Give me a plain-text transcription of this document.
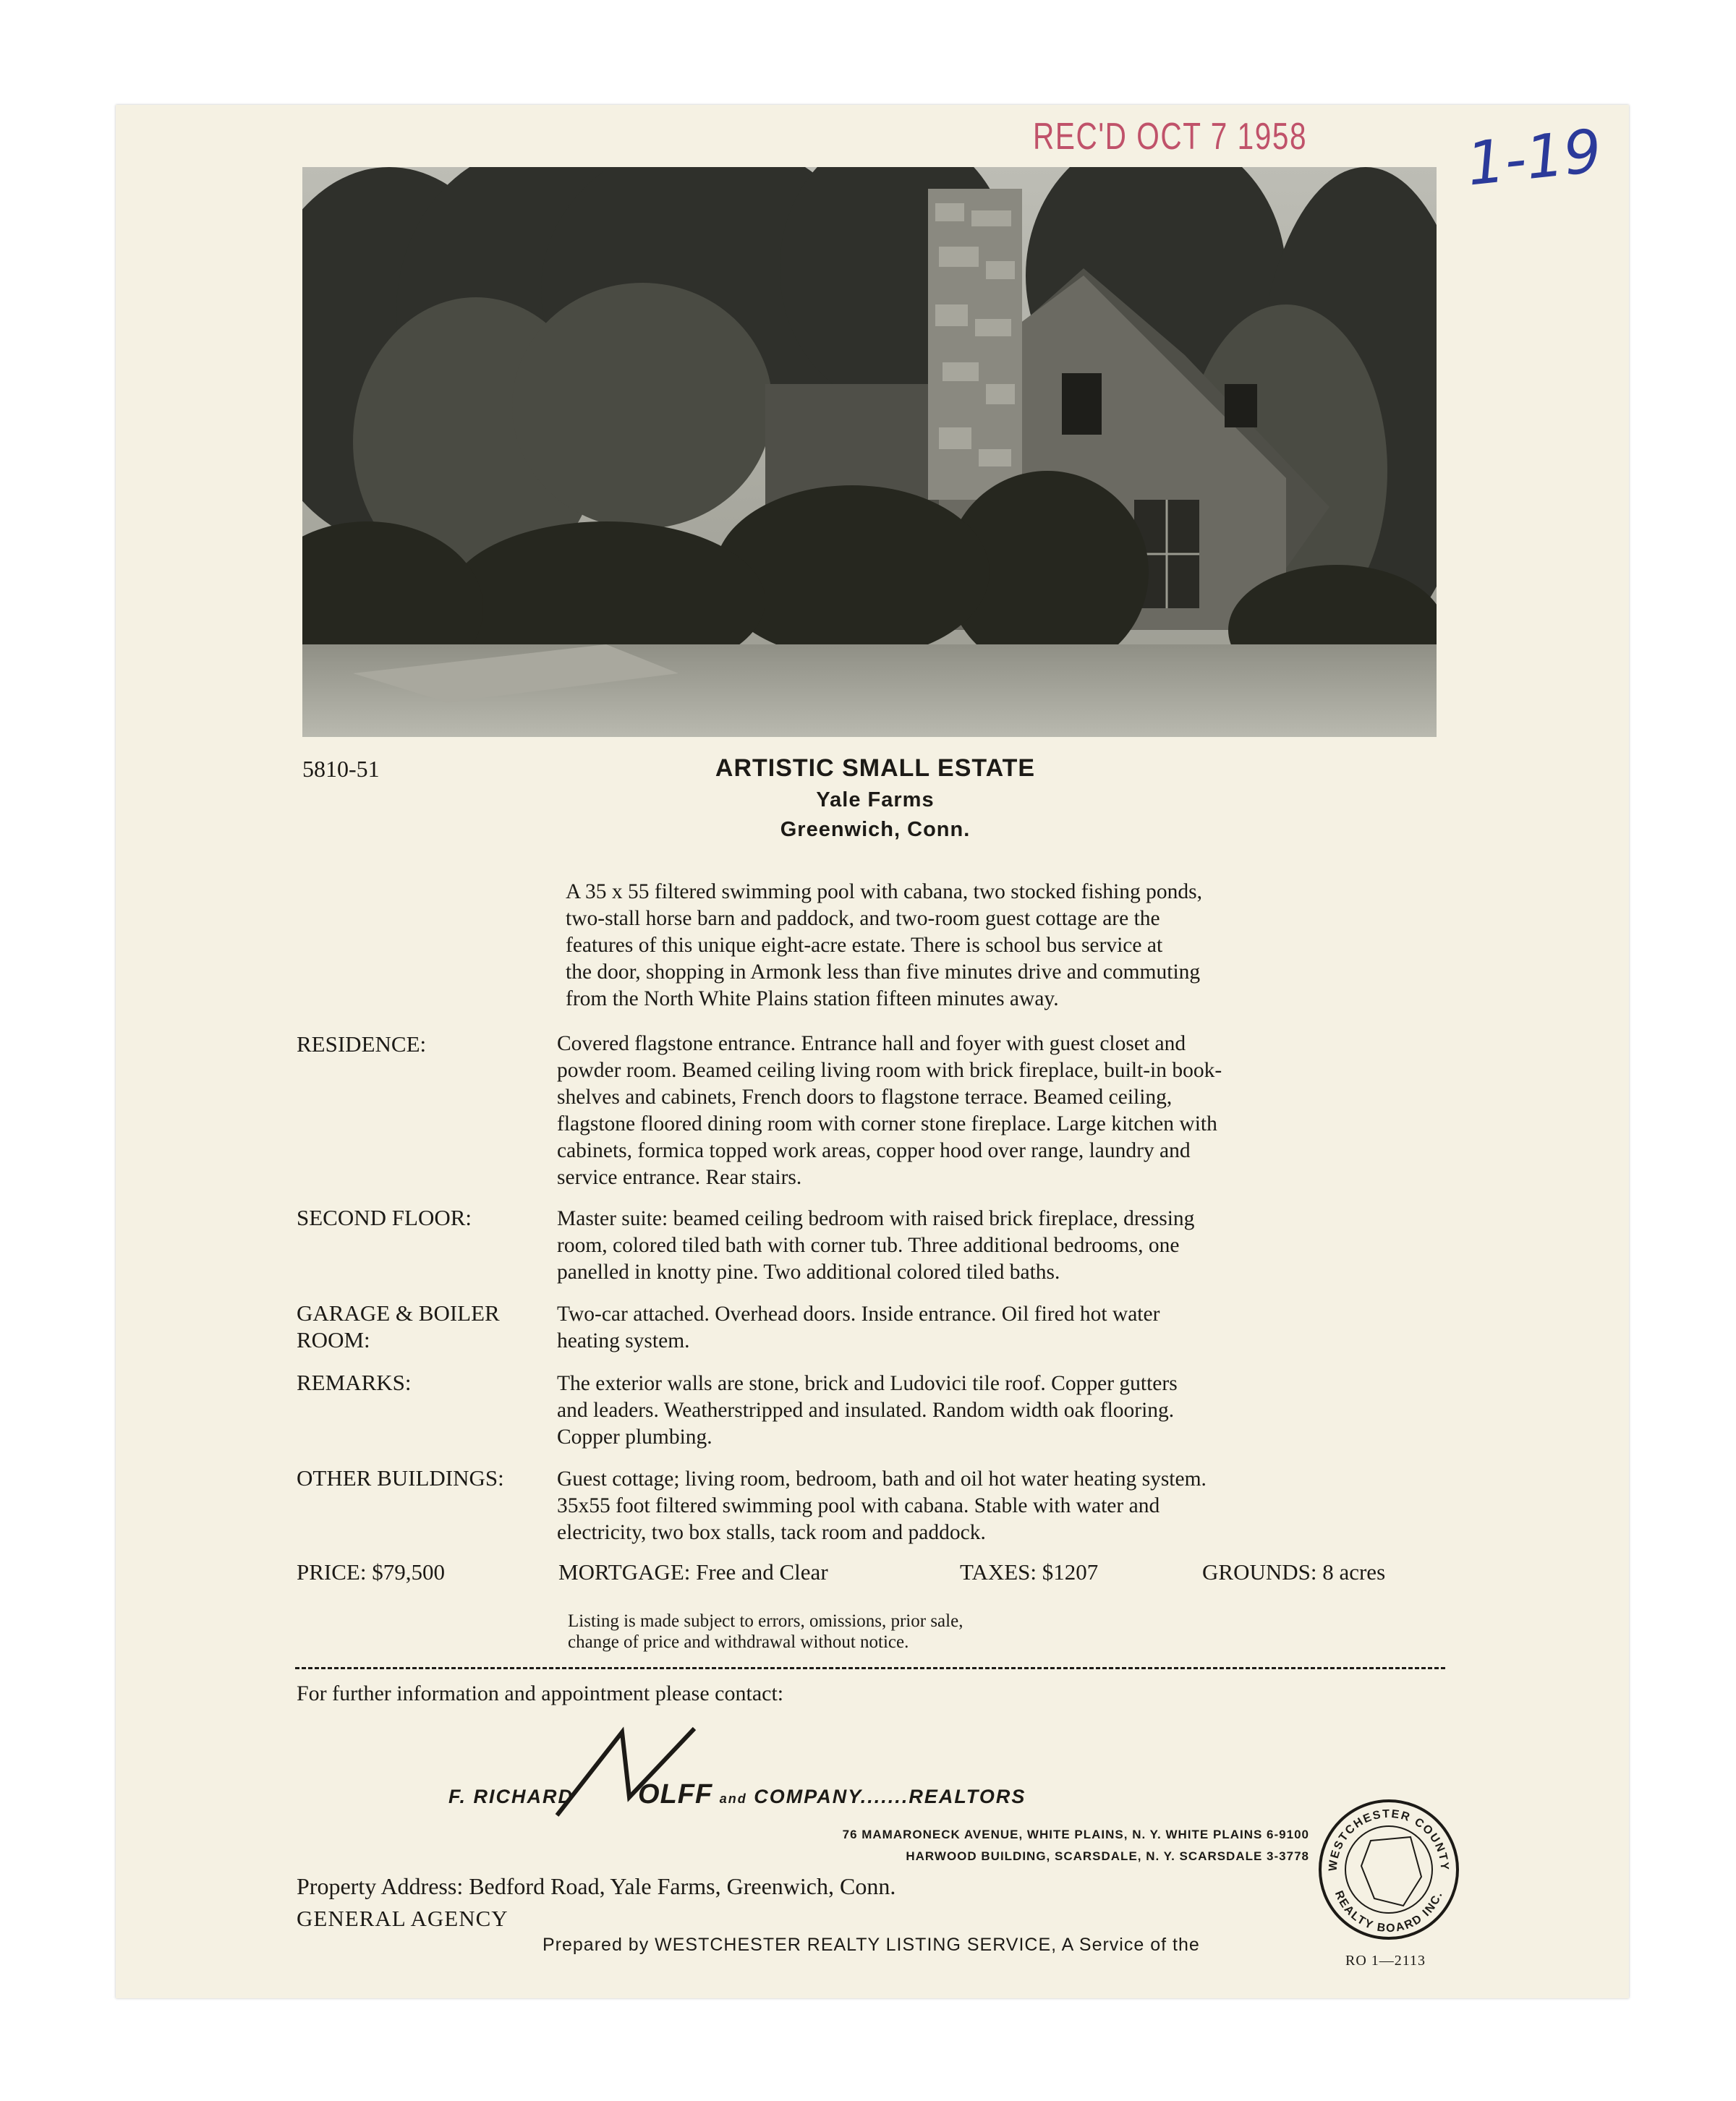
REC'D OCT 7 1958	1-19
5810-51	ARTISTIC SMALL ESTATE
Yale Farms
Greenwich, Conn.
A 35 x 55 filtered swimming pool with cabana, two stocked fishing ponds,
two-stall horse barn and paddock, and two-room guest cottage are the
features of this unique eight-acre estate. There is school bus service at
the door, shopping in Armonk less than five minutes drive and commuting
from the North White Plains station fifteen minutes away.
RESIDENCE:	Covered flagstone entrance. Entrance hall and foyer with guest closet and
powder room. Beamed ceiling living room with brick fireplace, built-in book-
shelves and cabinets, French doors to flagstone terrace. Beamed ceiling,
flagstone floored dining room with corner stone fireplace. Large kitchen with
cabinets, formica topped work areas, copper hood over range, laundry and
service entrance. Rear stairs.
SECOND FLOOR:	Master suite: beamed ceiling bedroom with raised brick fireplace, dressing
room, colored tiled bath with corner tub. Three additional bedrooms, one
panelled in knotty pine. Two additional colored tiled baths.
GARAGE & BOILER
ROOM:
Two-car attached. Overhead doors. Inside entrance. Oil fired hot water
heating system.
REMARKS:	The exterior walls are stone, brick and Ludovici tile roof. Copper gutters
and leaders. Weatherstripped and insulated. Random width oak flooring.
Copper plumbing.
OTHER BUILDINGS: Guest cottage; living room, bedroom, bath and oil hot water heating system.
35x55 foot filtered swimming pool with cabana. Stable with water and
electricity, two box stalls, tack room and paddock.
PRICE: $79,500	MORTGAGE: Free and Clear	TAXES: $1207	GROUNDS: 8 acres
Listing is made subject to errors, omissions, prior sale,
change of price and withdrawal without notice.
For further information and appointment please contact:
F. RICHARD OLFF and COMPANY.......REALTORS
76 MAMARONECK AVENUE, WHITE PLAINS, N. Y. WHITE PLAINS 6-9100
HARWOOD BUILDING, SCARSDALE, N. Y. SCARSDALE 3-3778
Property Address: Bedford Road, Yale Farms, Greenwich, Conn.
GENERAL AGENCY
Prepared by WESTCHESTER REALTY LISTING SERVICE, A Service of the
WESTCHESTER COUNTY
REALTY BOARD INC.
RO 1—2113
